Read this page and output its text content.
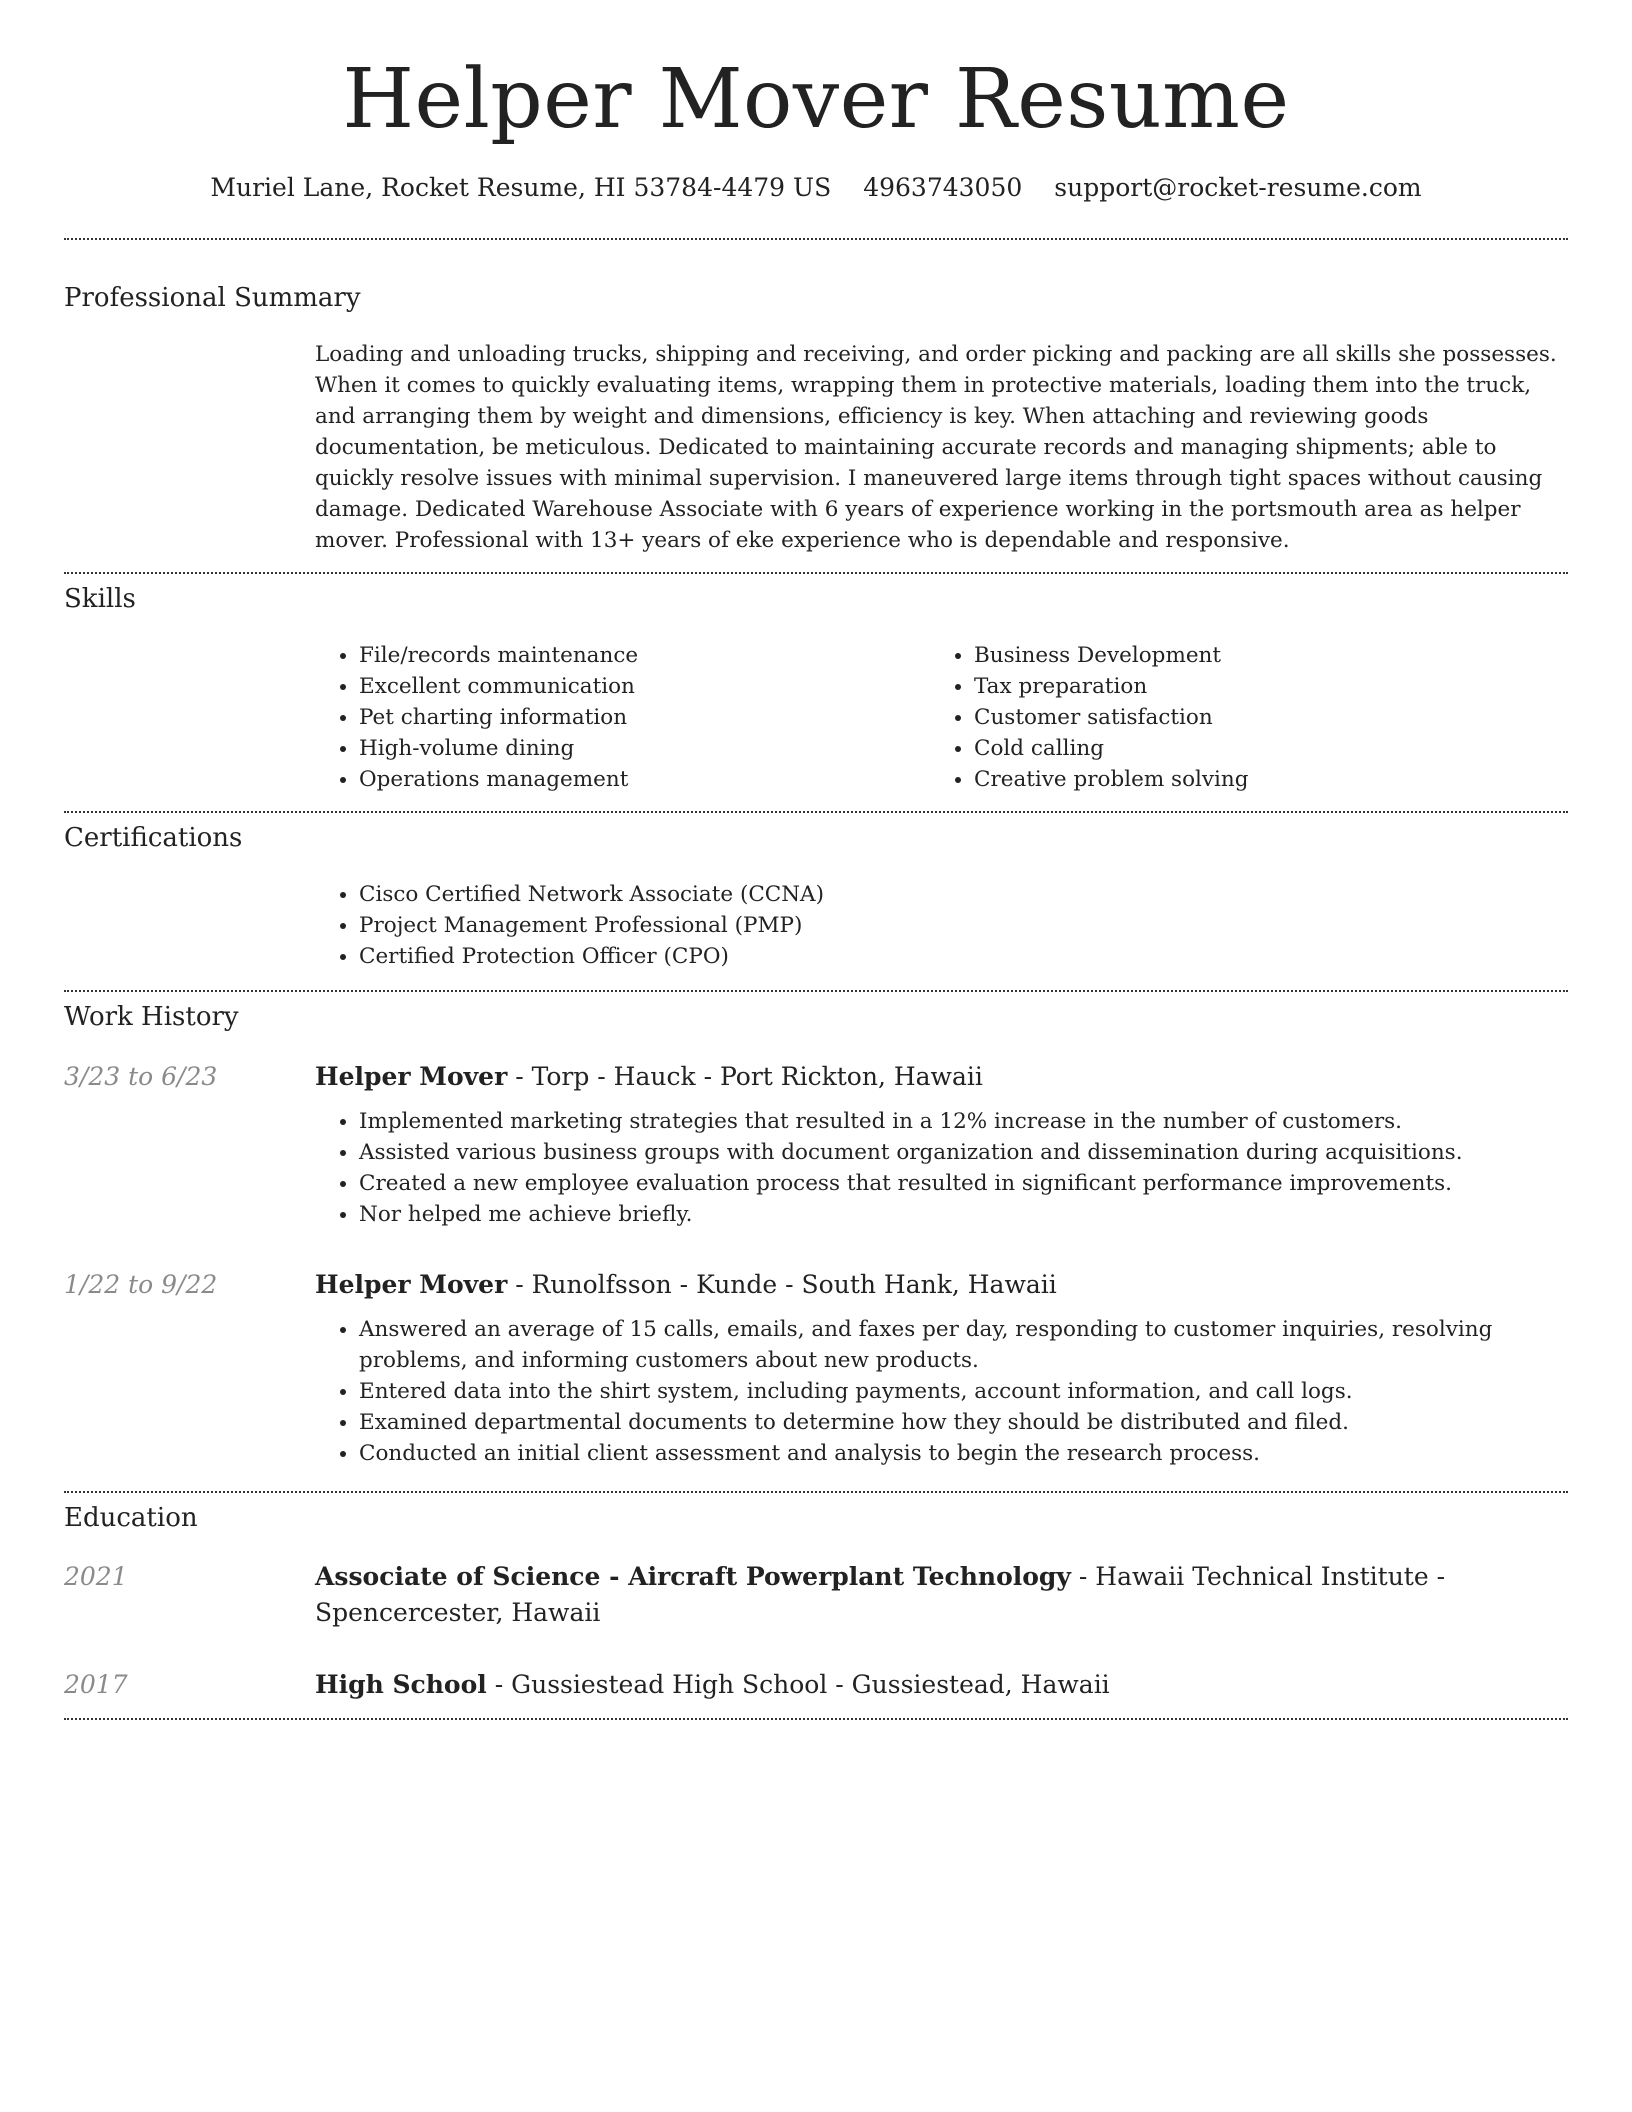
Helper Mover Resume
Muriel Lane, Rocket Resume, HI 53784-4479 US 4963743050 support@rocket-resume.com
Professional Summary

Loading and unloading trucks, shipping and receiving, and order picking and packing are all skills she possesses. When it comes to quickly evaluating items, wrapping them in protective materials, loading them into the truck, and arranging them by weight and dimensions, efficiency is key. When attaching and reviewing goods documentation, be meticulous. Dedicated to maintaining accurate records and managing shipments; able to quickly resolve issues with minimal supervision. I maneuvered large items through tight spaces without causing damage. Dedicated Warehouse Associate with 6 years of experience working in the portsmouth area as helper mover. Professional with 13+ years of eke experience who is dependable and responsive.

Skills
• File/records maintenance
• Excellent communication
• Pet charting information
• High-volume dining
• Operations management
• Business Development
• Tax preparation
• Customer satisfaction
• Cold calling
• Creative problem solving
Certifications
• Cisco Certified Network Associate (CCNA)
• Project Management Professional (PMP)
• Certified Protection Officer (CPO)
Work History
3/23 to 6/23	Helper Mover - Torp - Hauck - Port Rickton, Hawaii

• Implemented marketing strategies that resulted in a 12% increase in the number of customers.
• Assisted various business groups with document organization and dissemination during acquisitions.
• Created a new employee evaluation process that resulted in significant performance improvements.
• Nor helped me achieve briefly.
1/22 to 9/22	Helper Mover - Runolfsson - Kunde - South Hank, Hawaii

• Answered an average of 15 calls, emails, and faxes per day, responding to customer inquiries, resolving problems, and informing customers about new products.
• Entered data into the shirt system, including payments, account information, and call logs.
• Examined departmental documents to determine how they should be distributed and filed.
• Conducted an initial client assessment and analysis to begin the research process.
Education
2021	Associate of Science - Aircraft Powerplant Technology - Hawaii Technical Institute - Spencercester, Hawaii
2017	High School - Gussiestead High School - Gussiestead, Hawaii
